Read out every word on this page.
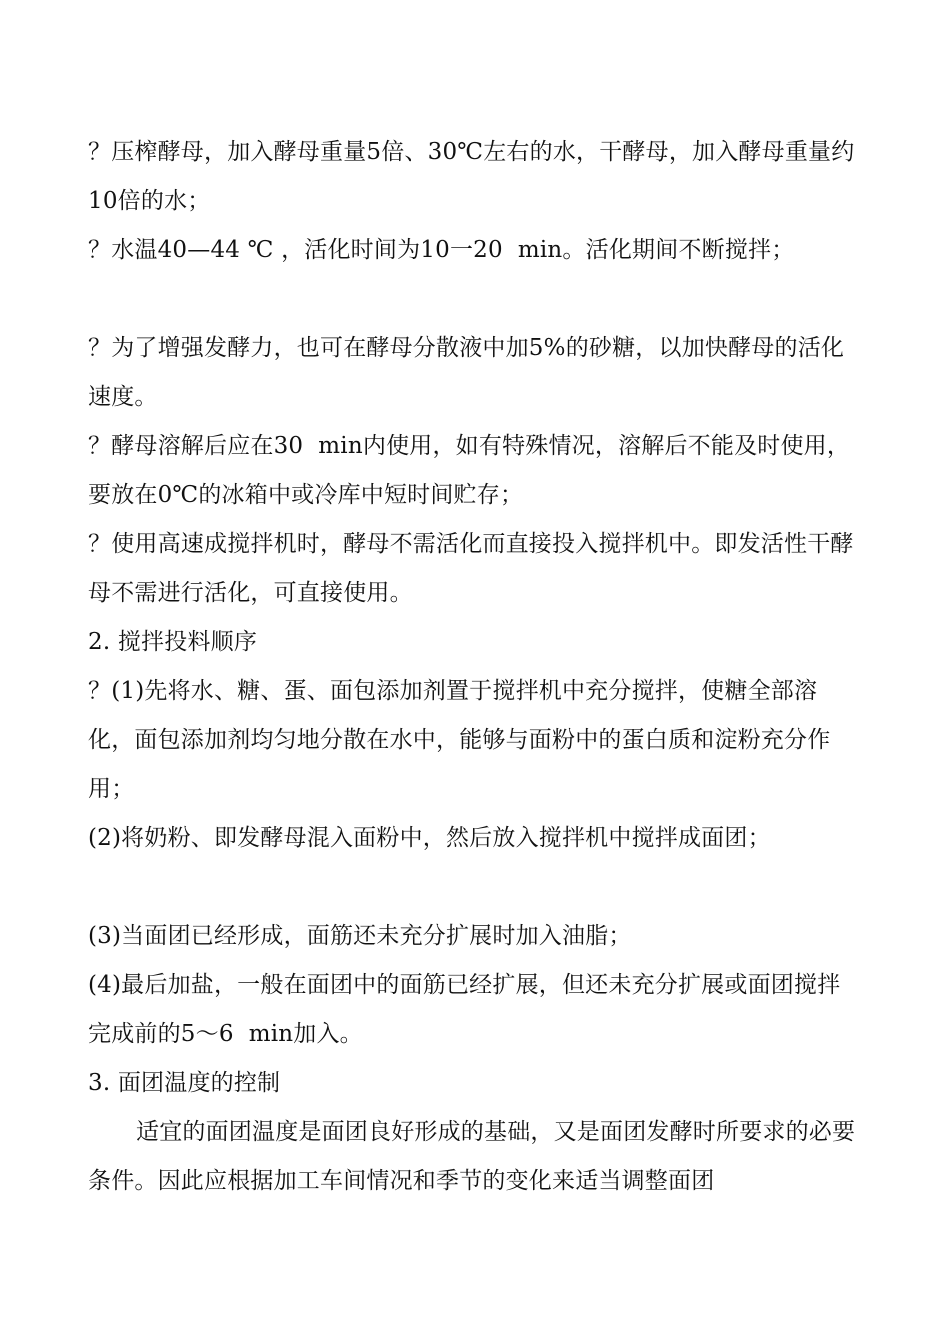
？压榨酵母，加入酵母重量5倍、30℃左右的水，干酵母，加入酵母重量约10倍的水；

？水温40—44 ℃ ，活化时间为10一20  min。活化期间不断搅拌；

？为了增强发酵力，也可在酵母分散液中加5%的砂糖，以加快酵母的活化速度。

？酵母溶解后应在30  min内使用，如有特殊情况，溶解后不能及时使用，要放在0℃的冰箱中或冷库中短时间贮存；

？使用高速成搅拌机时，酵母不需活化而直接投入搅拌机中。即发活性干酵母不需进行活化，可直接使用。

2. 搅拌投料顺序

？(1)先将水、糖、蛋、面包添加剂置于搅拌机中充分搅拌，使糖全部溶化，面包添加剂均匀地分散在水中，能够与面粉中的蛋白质和淀粉充分作用；

(2)将奶粉、即发酵母混入面粉中，然后放入搅拌机中搅拌成面团；

(3)当面团已经形成，面筋还未充分扩展时加入油脂；

(4)最后加盐，一般在面团中的面筋已经扩展，但还未充分扩展或面团搅拌完成前的5～6  min加入。

3. 面团温度的控制

适宜的面团温度是面团良好形成的基础，又是面团发酵时所要求的必要条件。因此应根据加工车间情况和季节的变化来适当调整面团
